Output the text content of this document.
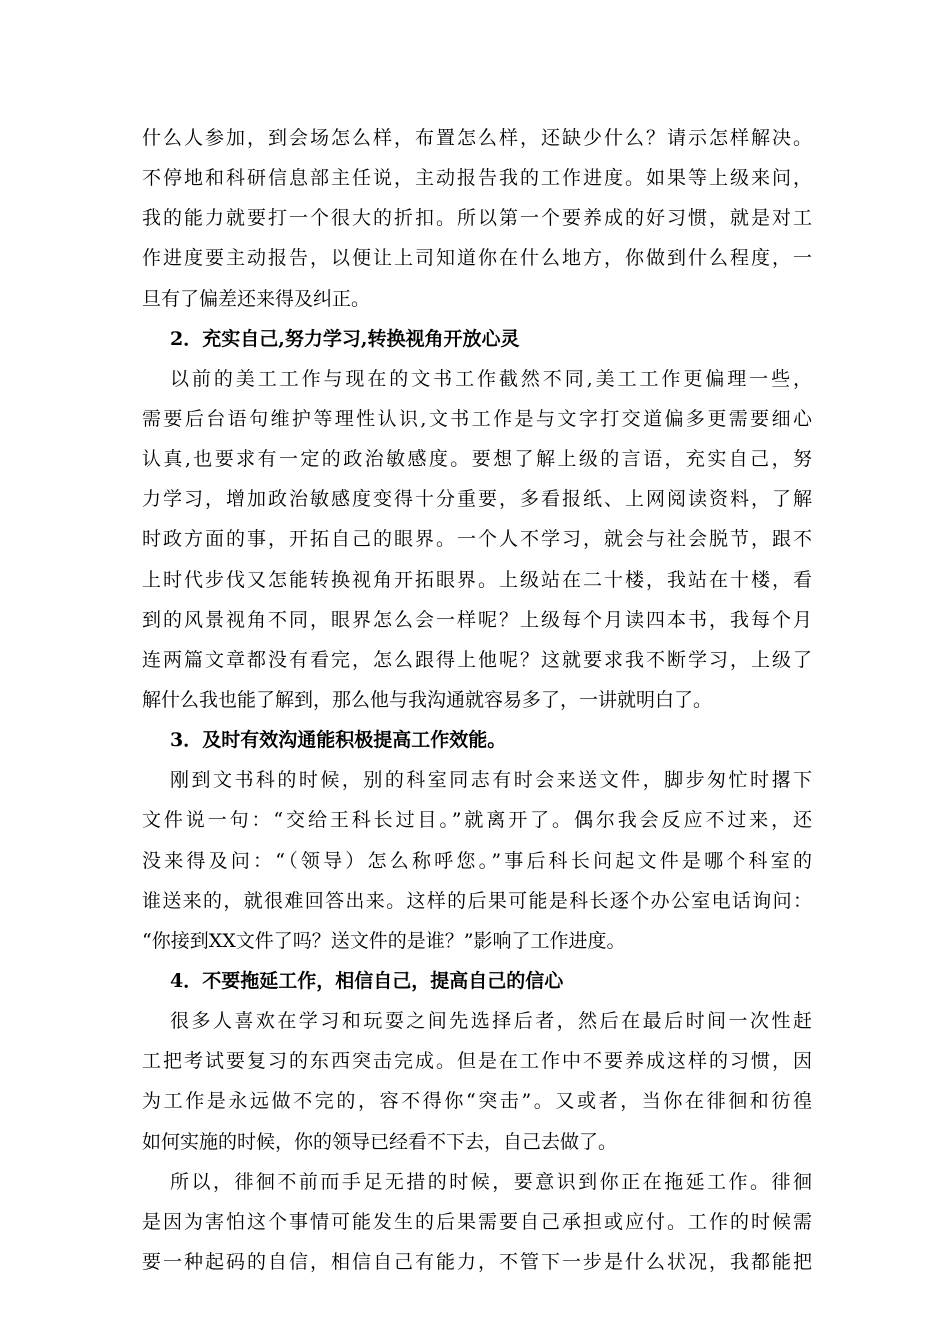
什么人参加，到会场怎么样，布置怎么样，还缺少什么？请示怎样解决。
不停地和科研信息部主任说，主动报告我的工作进度。如果等上级来问，
我的能力就要打一个很大的折扣。所以第一个要养成的好习惯，就是对工
作进度要主动报告，以便让上司知道你在什么地方，你做到什么程度，一
旦有了偏差还来得及纠正。
2．充实自己,努力学习,转换视角开放心灵
以前的美工工作与现在的文书工作截然不同,美工工作更偏理一些，
需要后台语句维护等理性认识,文书工作是与文字打交道偏多更需要细心
认真,也要求有一定的政治敏感度。要想了解上级的言语，充实自己，努
力学习，增加政治敏感度变得十分重要，多看报纸、上网阅读资料，了解
时政方面的事，开拓自己的眼界。一个人不学习，就会与社会脱节，跟不
上时代步伐又怎能转换视角开拓眼界。上级站在二十楼，我站在十楼，看
到的风景视角不同，眼界怎么会一样呢？上级每个月读四本书，我每个月
连两篇文章都没有看完，怎么跟得上他呢？这就要求我不断学习，上级了
解什么我也能了解到，那么他与我沟通就容易多了，一讲就明白了。
3．及时有效沟通能积极提高工作效能。
刚到文书科的时候，别的科室同志有时会来送文件，脚步匆忙时撂下
文件说一句：“交给王科长过目。”就离开了。偶尔我会反应不过来，还
没来得及问：“（领导）怎么称呼您。”事后科长问起文件是哪个科室的
谁送来的，就很难回答出来。这样的后果可能是科长逐个办公室电话询问：
“你接到XX文件了吗？送文件的是谁？”影响了工作进度。
4．不要拖延工作，相信自己，提高自己的信心
很多人喜欢在学习和玩耍之间先选择后者，然后在最后时间一次性赶
工把考试要复习的东西突击完成。但是在工作中不要养成这样的习惯，因
为工作是永远做不完的，容不得你“突击”。又或者，当你在徘徊和彷徨
如何实施的时候，你的领导已经看不下去，自己去做了。
所以，徘徊不前而手足无措的时候，要意识到你正在拖延工作。徘徊
是因为害怕这个事情可能发生的后果需要自己承担或应付。工作的时候需
要一种起码的自信，相信自己有能力，不管下一步是什么状况，我都能把
